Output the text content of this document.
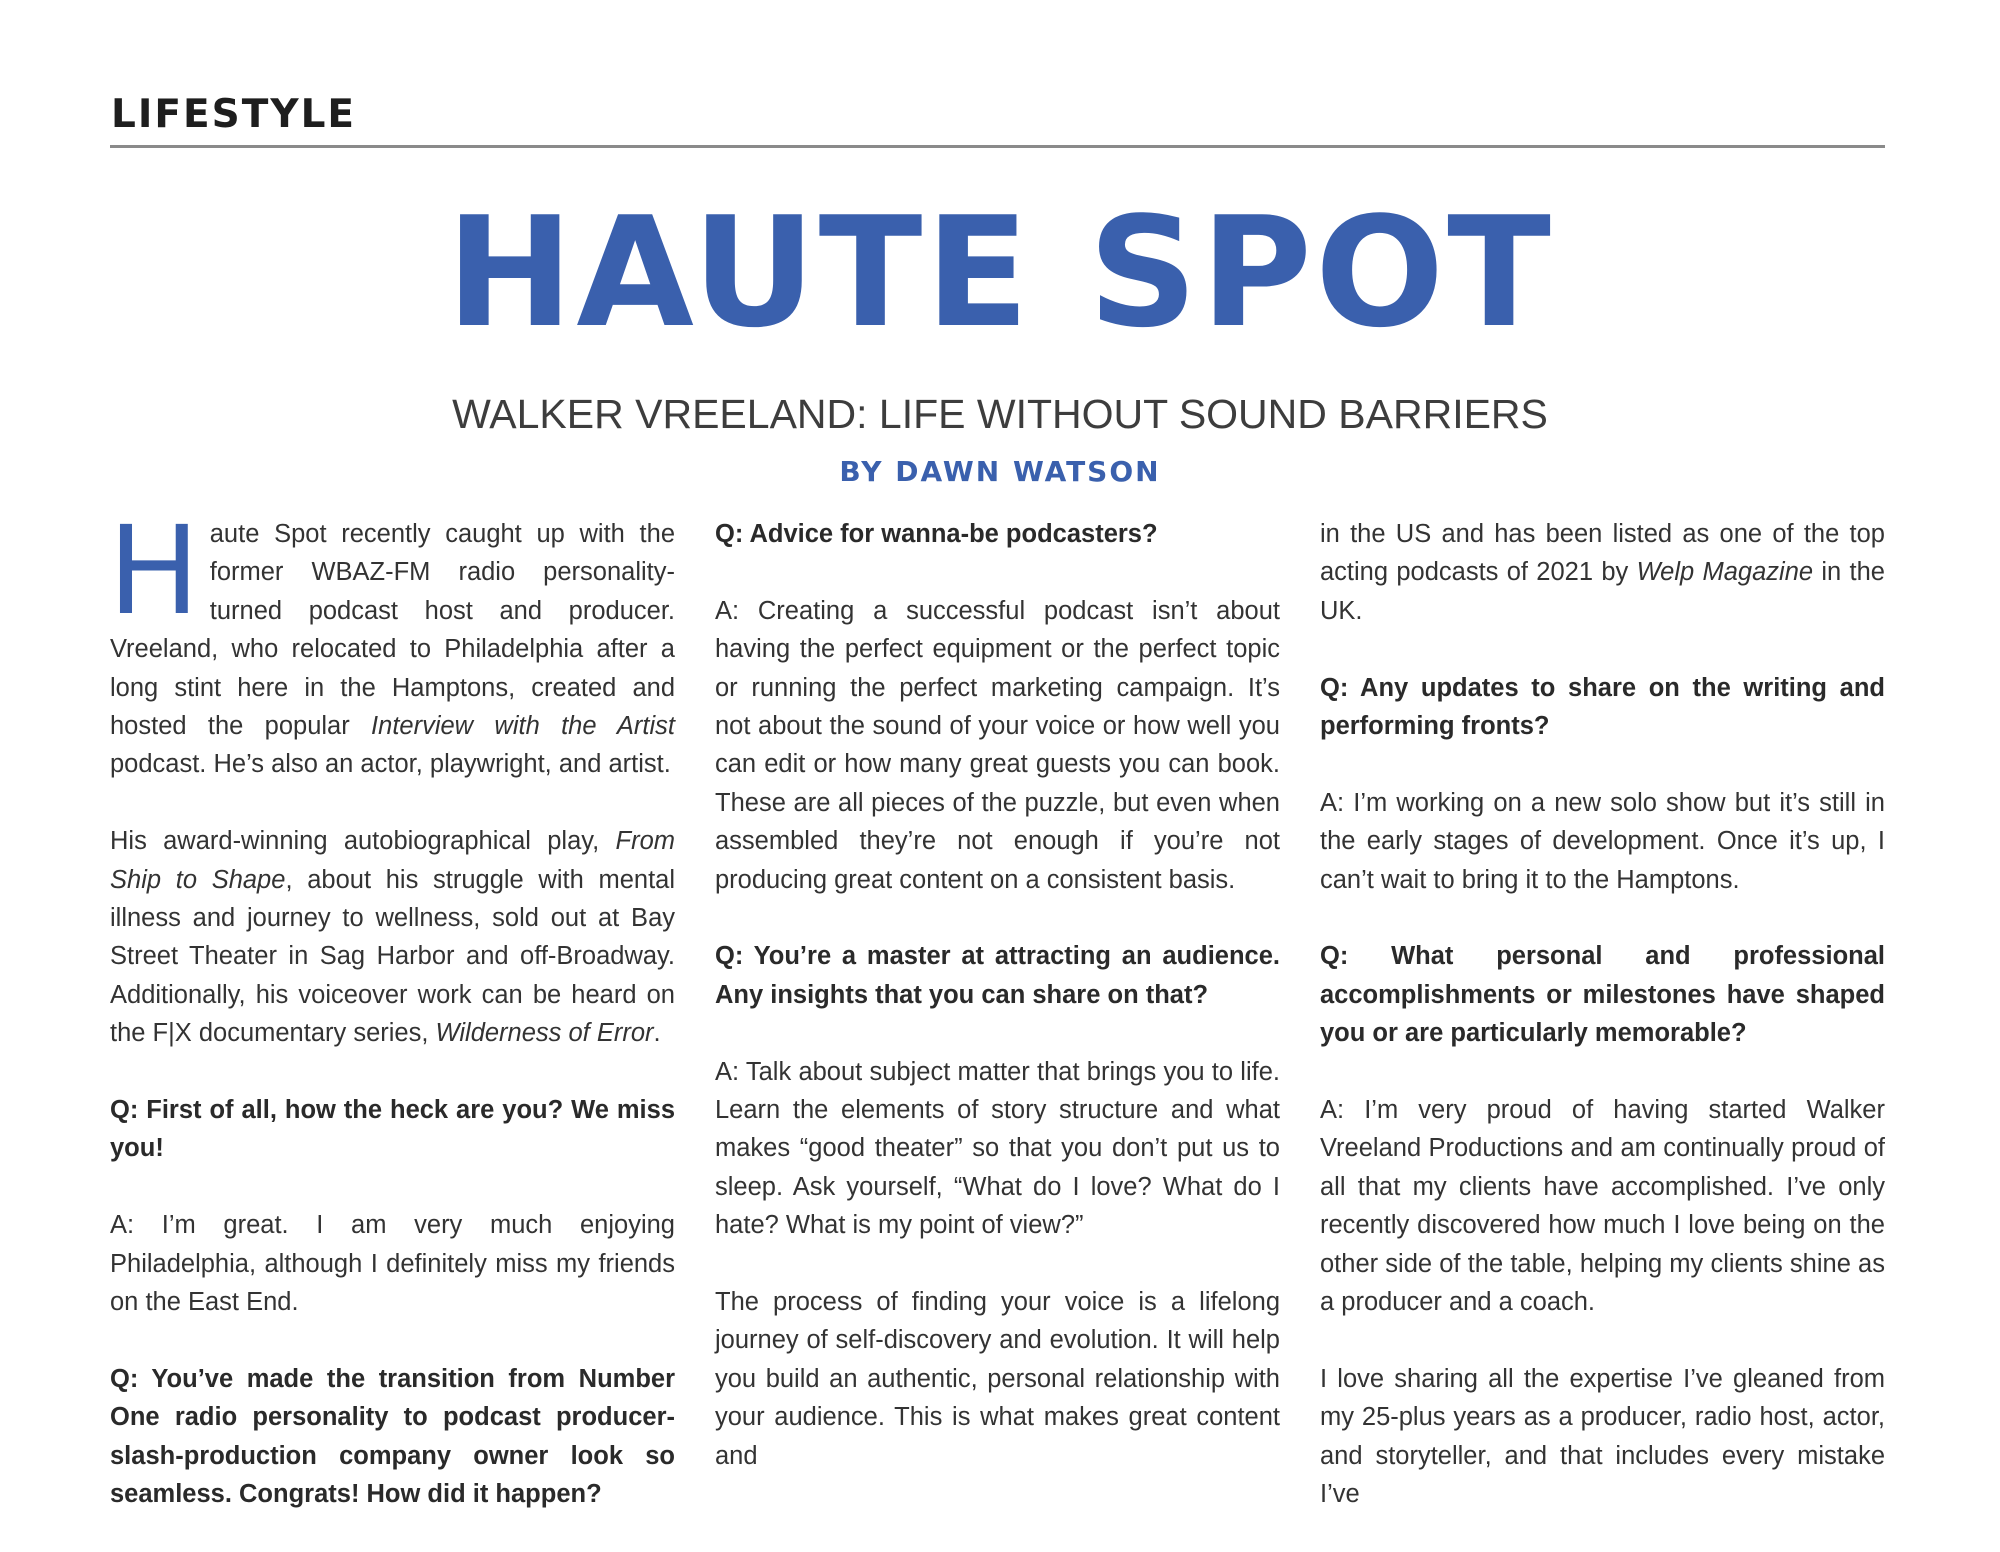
LIFESTYLE
HAUTE SPOT
WALKER VREELAND: LIFE WITHOUT SOUND BARRIERS
BY DAWN WATSON

Haute Spot recently caught up with the former WBAZ-FM radio personality-turned podcast host and producer. Vreeland, who relocated to Philadelphia after a long stint here in the Hamptons, created and hosted the popular Interview with the Artist podcast. He’s also an actor, playwright, and artist.

His award-winning autobiographical play, From Ship to Shape, about his struggle with mental illness and journey to wellness, sold out at Bay Street Theater in Sag Harbor and off-Broadway. Additionally, his voiceover work can be heard on the F|X documentary series, Wilderness of Error.

Q: First of all, how the heck are you? We miss you!

A: I’m great. I am very much enjoying Philadelphia, although I definitely miss my friends on the East End.

Q: You’ve made the transition from Number One radio personality to podcast producer-slash-production company owner look so seamless. Congrats! How did it happen?

Q: Advice for wanna-be podcasters?

A: Creating a successful podcast isn’t about having the perfect equipment or the perfect topic or running the perfect marketing campaign. It’s not about the sound of your voice or how well you can edit or how many great guests you can book. These are all pieces of the puzzle, but even when assembled they’re not enough if you’re not producing great content on a consistent basis.

Q: You’re a master at attracting an audience. Any insights that you can share on that?

A: Talk about subject matter that brings you to life. Learn the elements of story structure and what makes “good theater” so that you don’t put us to sleep. Ask yourself, “What do I love? What do I hate? What is my point of view?”

The process of finding your voice is a lifelong journey of self-discovery and evolution. It will help you build an authentic, personal relationship with your audience. This is what makes great content and

in the US and has been listed as one of the top acting podcasts of 2021 by Welp Magazine in the UK.

Q: Any updates to share on the writing and performing fronts?

A: I’m working on a new solo show but it’s still in the early stages of development. Once it’s up, I can’t wait to bring it to the Hamptons.

Q: What personal and professional accomplishments or milestones have shaped you or are particularly memorable?

A: I’m very proud of having started Walker Vreeland Productions and am continually proud of all that my clients have accomplished. I’ve only recently discovered how much I love being on the other side of the table, helping my clients shine as a producer and a coach.

I love sharing all the expertise I’ve gleaned from my 25-plus years as a producer, radio host, actor, and storyteller, and that includes every mistake I’ve
